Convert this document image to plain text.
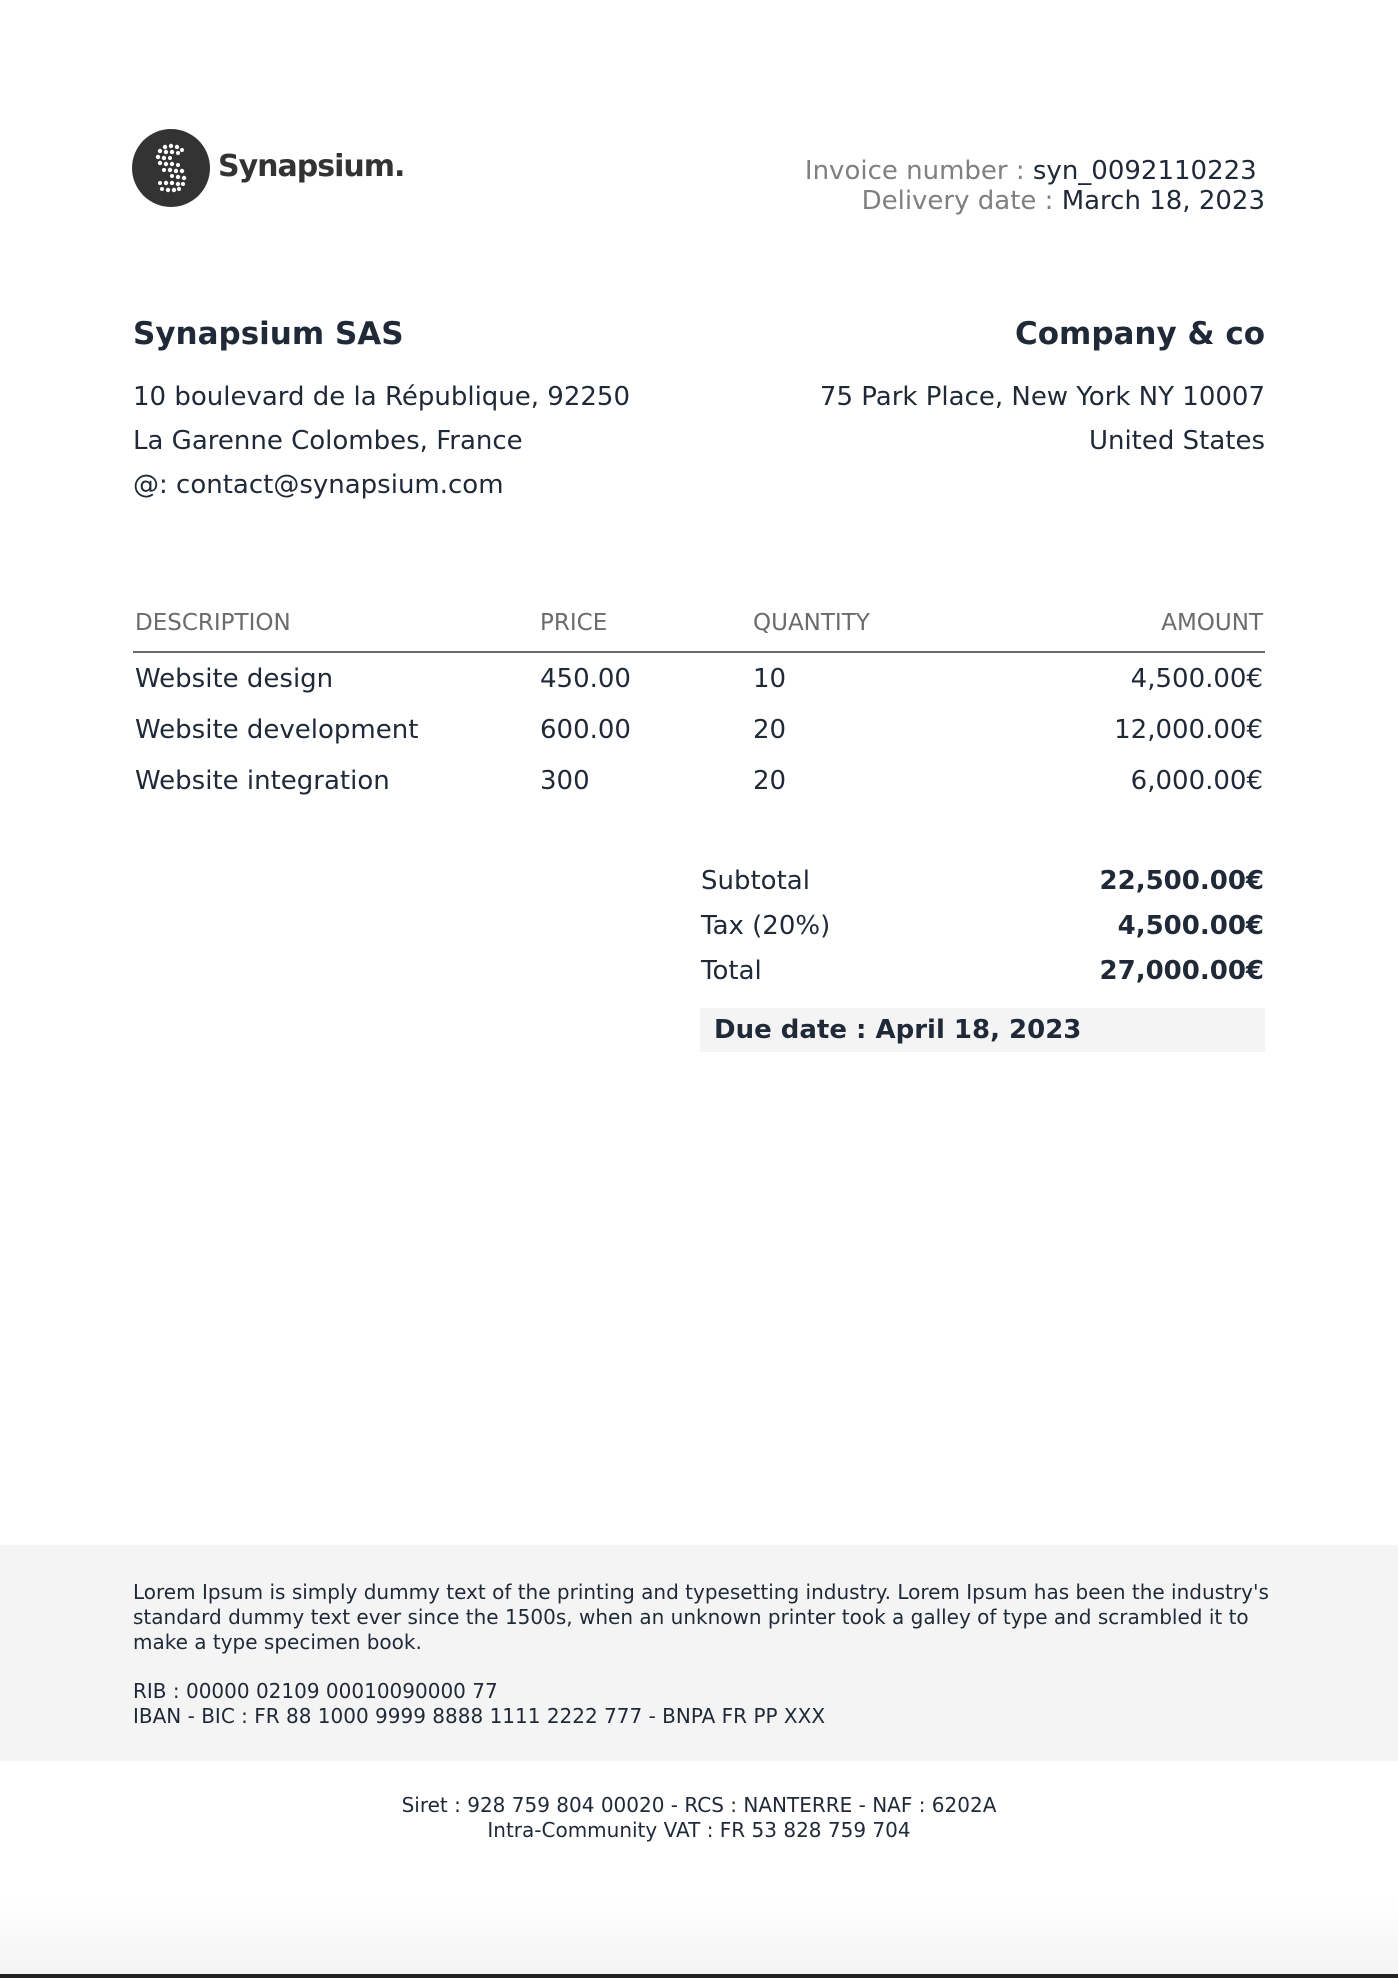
Synapsium.	Invoice number : syn_0092110223
Delivery date : March 18, 2023
Synapsium SAS
10 boulevard de la République, 92250
La Garenne Colombes, France
@: contact@synapsium.com
Company & co
75 Park Place, New York NY 10007
United States
DESCRIPTION	PRICE	QUANTITY	AMOUNT
Website design	450.00	10	4,500.00€
Website development	600.00	20	12,000.00€
Website integration	300	20	6,000.00€
Subtotal	22,500.00€
Tax (20%)	4,500.00€
Total	27,000.00€
Due date : April 18, 2023
Lorem Ipsum is simply dummy text of the printing and typesetting industry. Lorem Ipsum has been the industry's standard dummy text ever since the 1500s, when an unknown printer took a galley of type and scrambled it to make a type specimen book.
RIB : 00000 02109 00010090000 77
IBAN - BIC : FR 88 1000 9999 8888 1111 2222 777 - BNPA FR PP XXX
Siret : 928 759 804 00020 - RCS : NANTERRE - NAF : 6202A
Intra-Community VAT : FR 53 828 759 704
